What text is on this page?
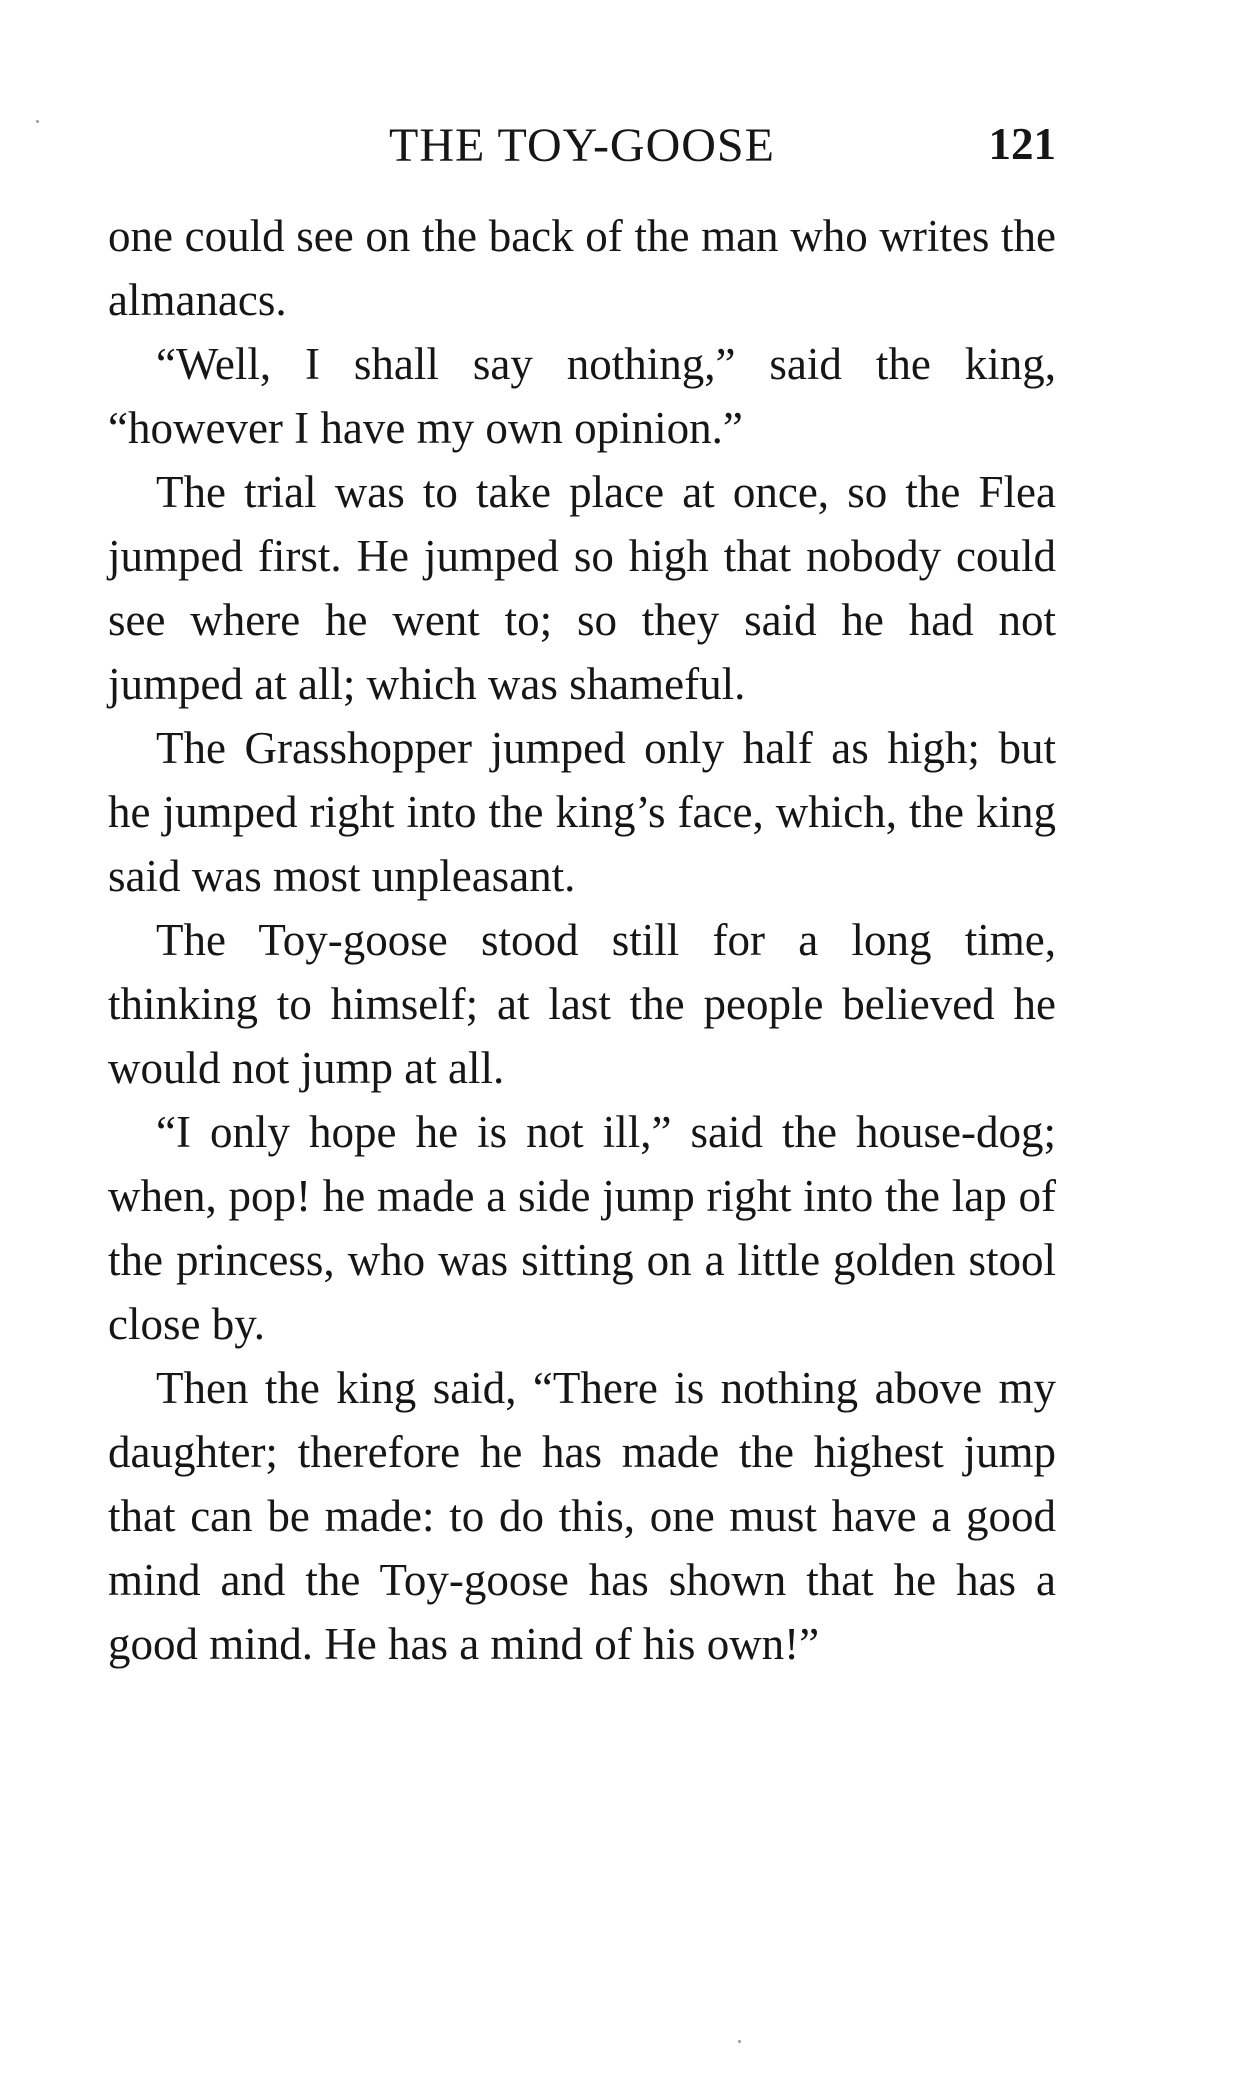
THE TOY-GOOSE	121

one could see on the back of the man who writes the almanacs.

“Well, I shall say nothing,” said the king, “however I have my own opinion.”

The trial was to take place at once, so the Flea jumped first. He jumped so high that nobody could see where he went to; so they said he had not jumped at all; which was shameful.

The Grasshopper jumped only half as high; but he jumped right into the king’s face, which, the king said was most unpleasant.

The Toy-goose stood still for a long time, thinking to himself; at last the people believed he would not jump at all.

“I only hope he is not ill,” said the house-dog; when, pop! he made a side jump right into the lap of the princess, who was sitting on a little golden stool close by.

Then the king said, “There is nothing above my daughter; therefore he has made the highest jump that can be made: to do this, one must have a good mind and the Toy-goose has shown that he has a good mind. He has a mind of his own!”
